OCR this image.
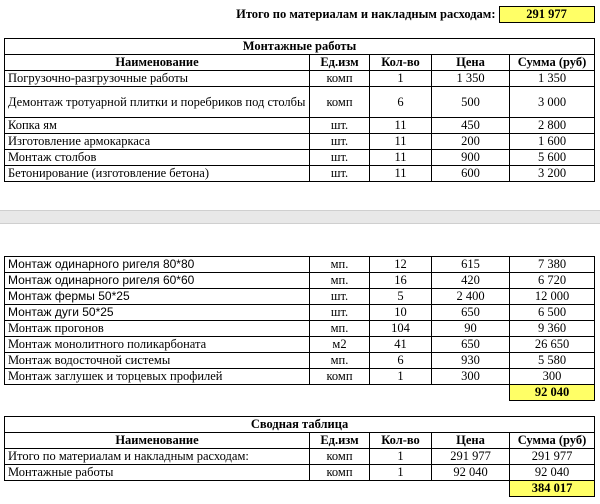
Итого по материалам и накладным расходам:	291 977
Монтажные работы				
Наименование	Ед.изм	Кол-во	Цена	Сумма (руб)
Погрузочно-разгрузочные работы	комп	1	1 350	1 350
Демонтаж тротуарной плитки и поребриков под столбы	комп	6	500	3 000
Копка ям	шт.	11	450	2 800
Изготовление армокаркаса	шт.	11	200	1 600
Монтаж столбов	шт.	11	900	5 600
Бетонирование (изготовление бетона)	шт.	11	600	3 200
Монтаж одинарного ригеля 80*80	мп.	12	615	7 380
Монтаж одинарного ригеля 60*60	мп.	16	420	6 720
Монтаж фермы 50*25	шт.	5	2 400	12 000
Монтаж дуги 50*25	шт.	10	650	6 500
Монтаж прогонов	мп.	104	90	9 360
Монтаж монолитного поликарбоната	м2	41	650	26 650
Монтаж водосточной системы	мп.	6	930	5 580
Монтаж заглушек и торцевых профилей	комп	1	300	300
				92 040
Сводная таблица				
Наименование	Ед.изм	Кол-во	Цена	Сумма (руб)
Итого по материалам и накладным расходам:	комп	1	291 977	291 977
Монтажные работы	комп	1	92 040	92 040
				384 017
